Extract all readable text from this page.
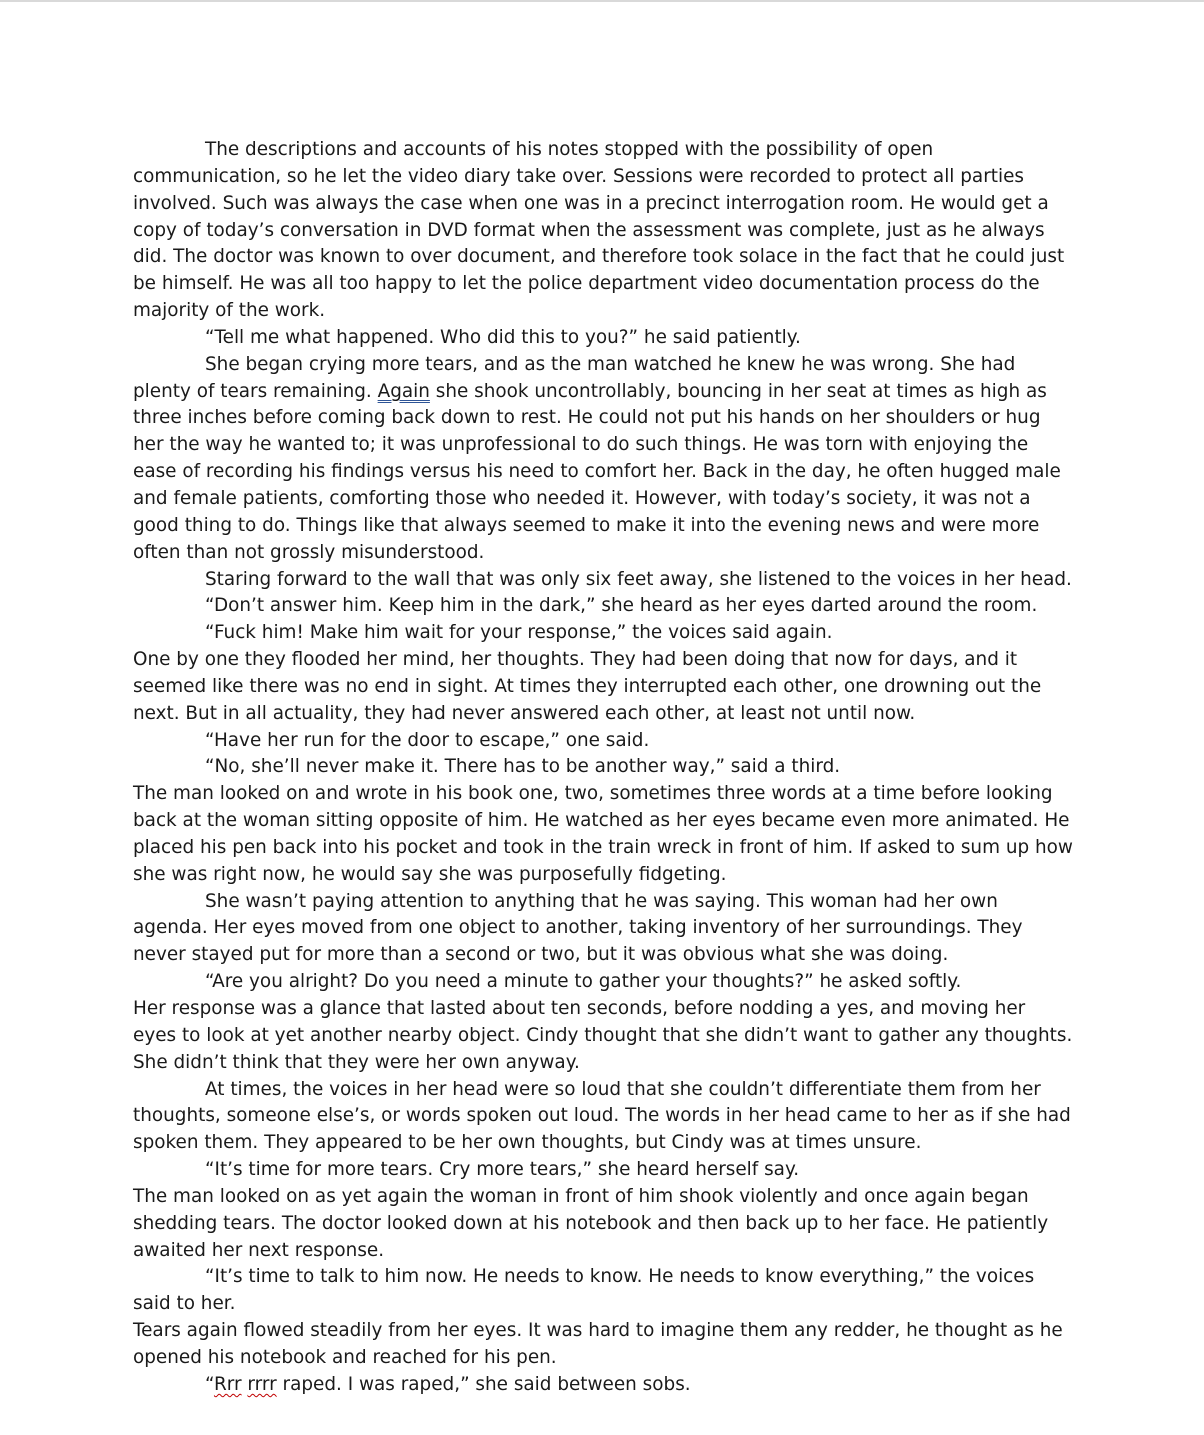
The descriptions and accounts of his notes stopped with the possibility of open communication, so he let the video diary take over. Sessions were recorded to protect all parties involved. Such was always the case when one was in a precinct interrogation room. He would get a copy of today’s conversation in DVD format when the assessment was complete, just as he always did. The doctor was known to over document, and therefore took solace in the fact that he could just be himself. He was all too happy to let the police department video documentation process do the majority of the work.

“Tell me what happened. Who did this to you?” he said patiently.

She began crying more tears, and as the man watched he knew he was wrong. She had plenty of tears remaining. Again she shook uncontrollably, bouncing in her seat at times as high as three inches before coming back down to rest. He could not put his hands on her shoulders or hug her the way he wanted to; it was unprofessional to do such things. He was torn with enjoying the ease of recording his findings versus his need to comfort her. Back in the day, he often hugged male and female patients, comforting those who needed it. However, with today’s society, it was not a good thing to do. Things like that always seemed to make it into the evening news and were more often than not grossly misunderstood.

Staring forward to the wall that was only six feet away, she listened to the voices in her head.

“Don’t answer him. Keep him in the dark,” she heard as her eyes darted around the room.

“Fuck him! Make him wait for your response,” the voices said again.

One by one they flooded her mind, her thoughts. They had been doing that now for days, and it seemed like there was no end in sight. At times they interrupted each other, one drowning out the next. But in all actuality, they had never answered each other, at least not until now.

“Have her run for the door to escape,” one said.

“No, she’ll never make it. There has to be another way,” said a third.

The man looked on and wrote in his book one, two, sometimes three words at a time before looking back at the woman sitting opposite of him. He watched as her eyes became even more animated. He placed his pen back into his pocket and took in the train wreck in front of him. If asked to sum up how she was right now, he would say she was purposefully fidgeting.

She wasn’t paying attention to anything that he was saying. This woman had her own agenda. Her eyes moved from one object to another, taking inventory of her surroundings. They never stayed put for more than a second or two, but it was obvious what she was doing.

“Are you alright? Do you need a minute to gather your thoughts?” he asked softly.

Her response was a glance that lasted about ten seconds, before nodding a yes, and moving her eyes to look at yet another nearby object. Cindy thought that she didn’t want to gather any thoughts. She didn’t think that they were her own anyway.

At times, the voices in her head were so loud that she couldn’t differentiate them from her thoughts, someone else’s, or words spoken out loud. The words in her head came to her as if she had spoken them. They appeared to be her own thoughts, but Cindy was at times unsure.

“It’s time for more tears. Cry more tears,” she heard herself say.

The man looked on as yet again the woman in front of him shook violently and once again began shedding tears. The doctor looked down at his notebook and then back up to her face. He patiently awaited her next response.

“It’s time to talk to him now. He needs to know. He needs to know everything,” the voices said to her.

Tears again flowed steadily from her eyes. It was hard to imagine them any redder, he thought as he opened his notebook and reached for his pen.

“Rrr rrrr raped. I was raped,” she said between sobs.
